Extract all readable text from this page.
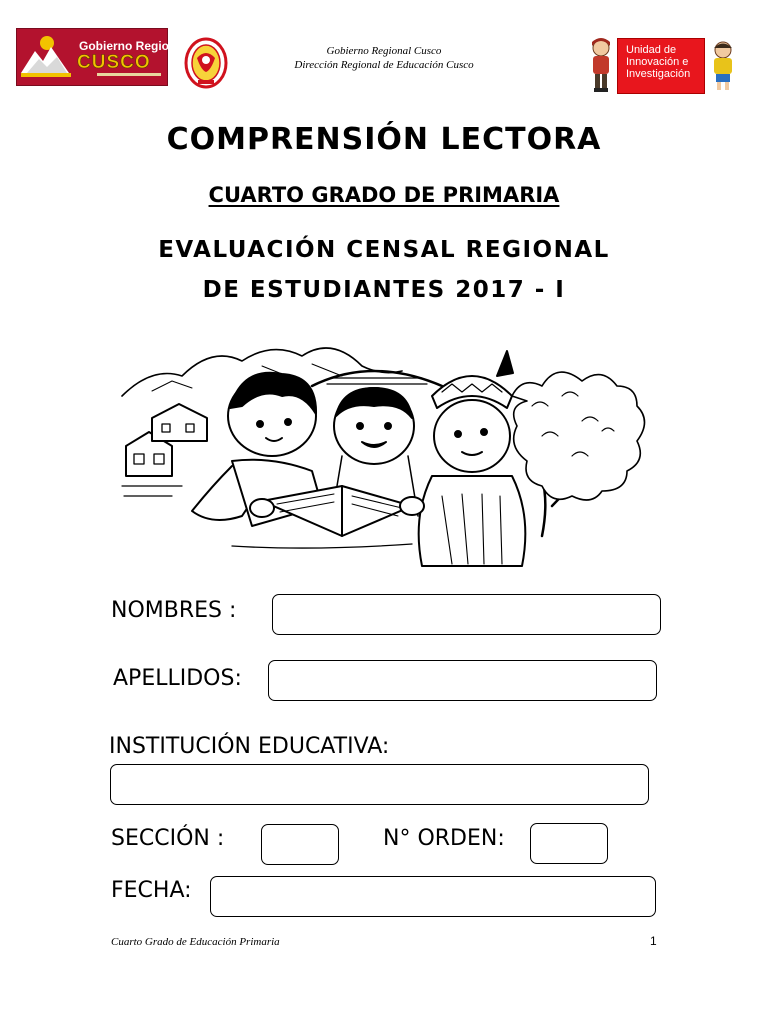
Gobierno Regional
CUSCO
Gobierno Regional Cusco
Dirección Regional de Educación Cusco
Unidad de
Innovación e
Investigación
COMPRENSIÓN LECTORA
CUARTO GRADO DE PRIMARIA
EVALUACIÓN CENSAL REGIONAL
DE ESTUDIANTES 2017 - I
NOMBRES :
APELLIDOS:
INSTITUCIÓN EDUCATIVA:
SECCIÓN :	N° ORDEN:
FECHA:
Cuarto Grado de Educación Primaria	1
